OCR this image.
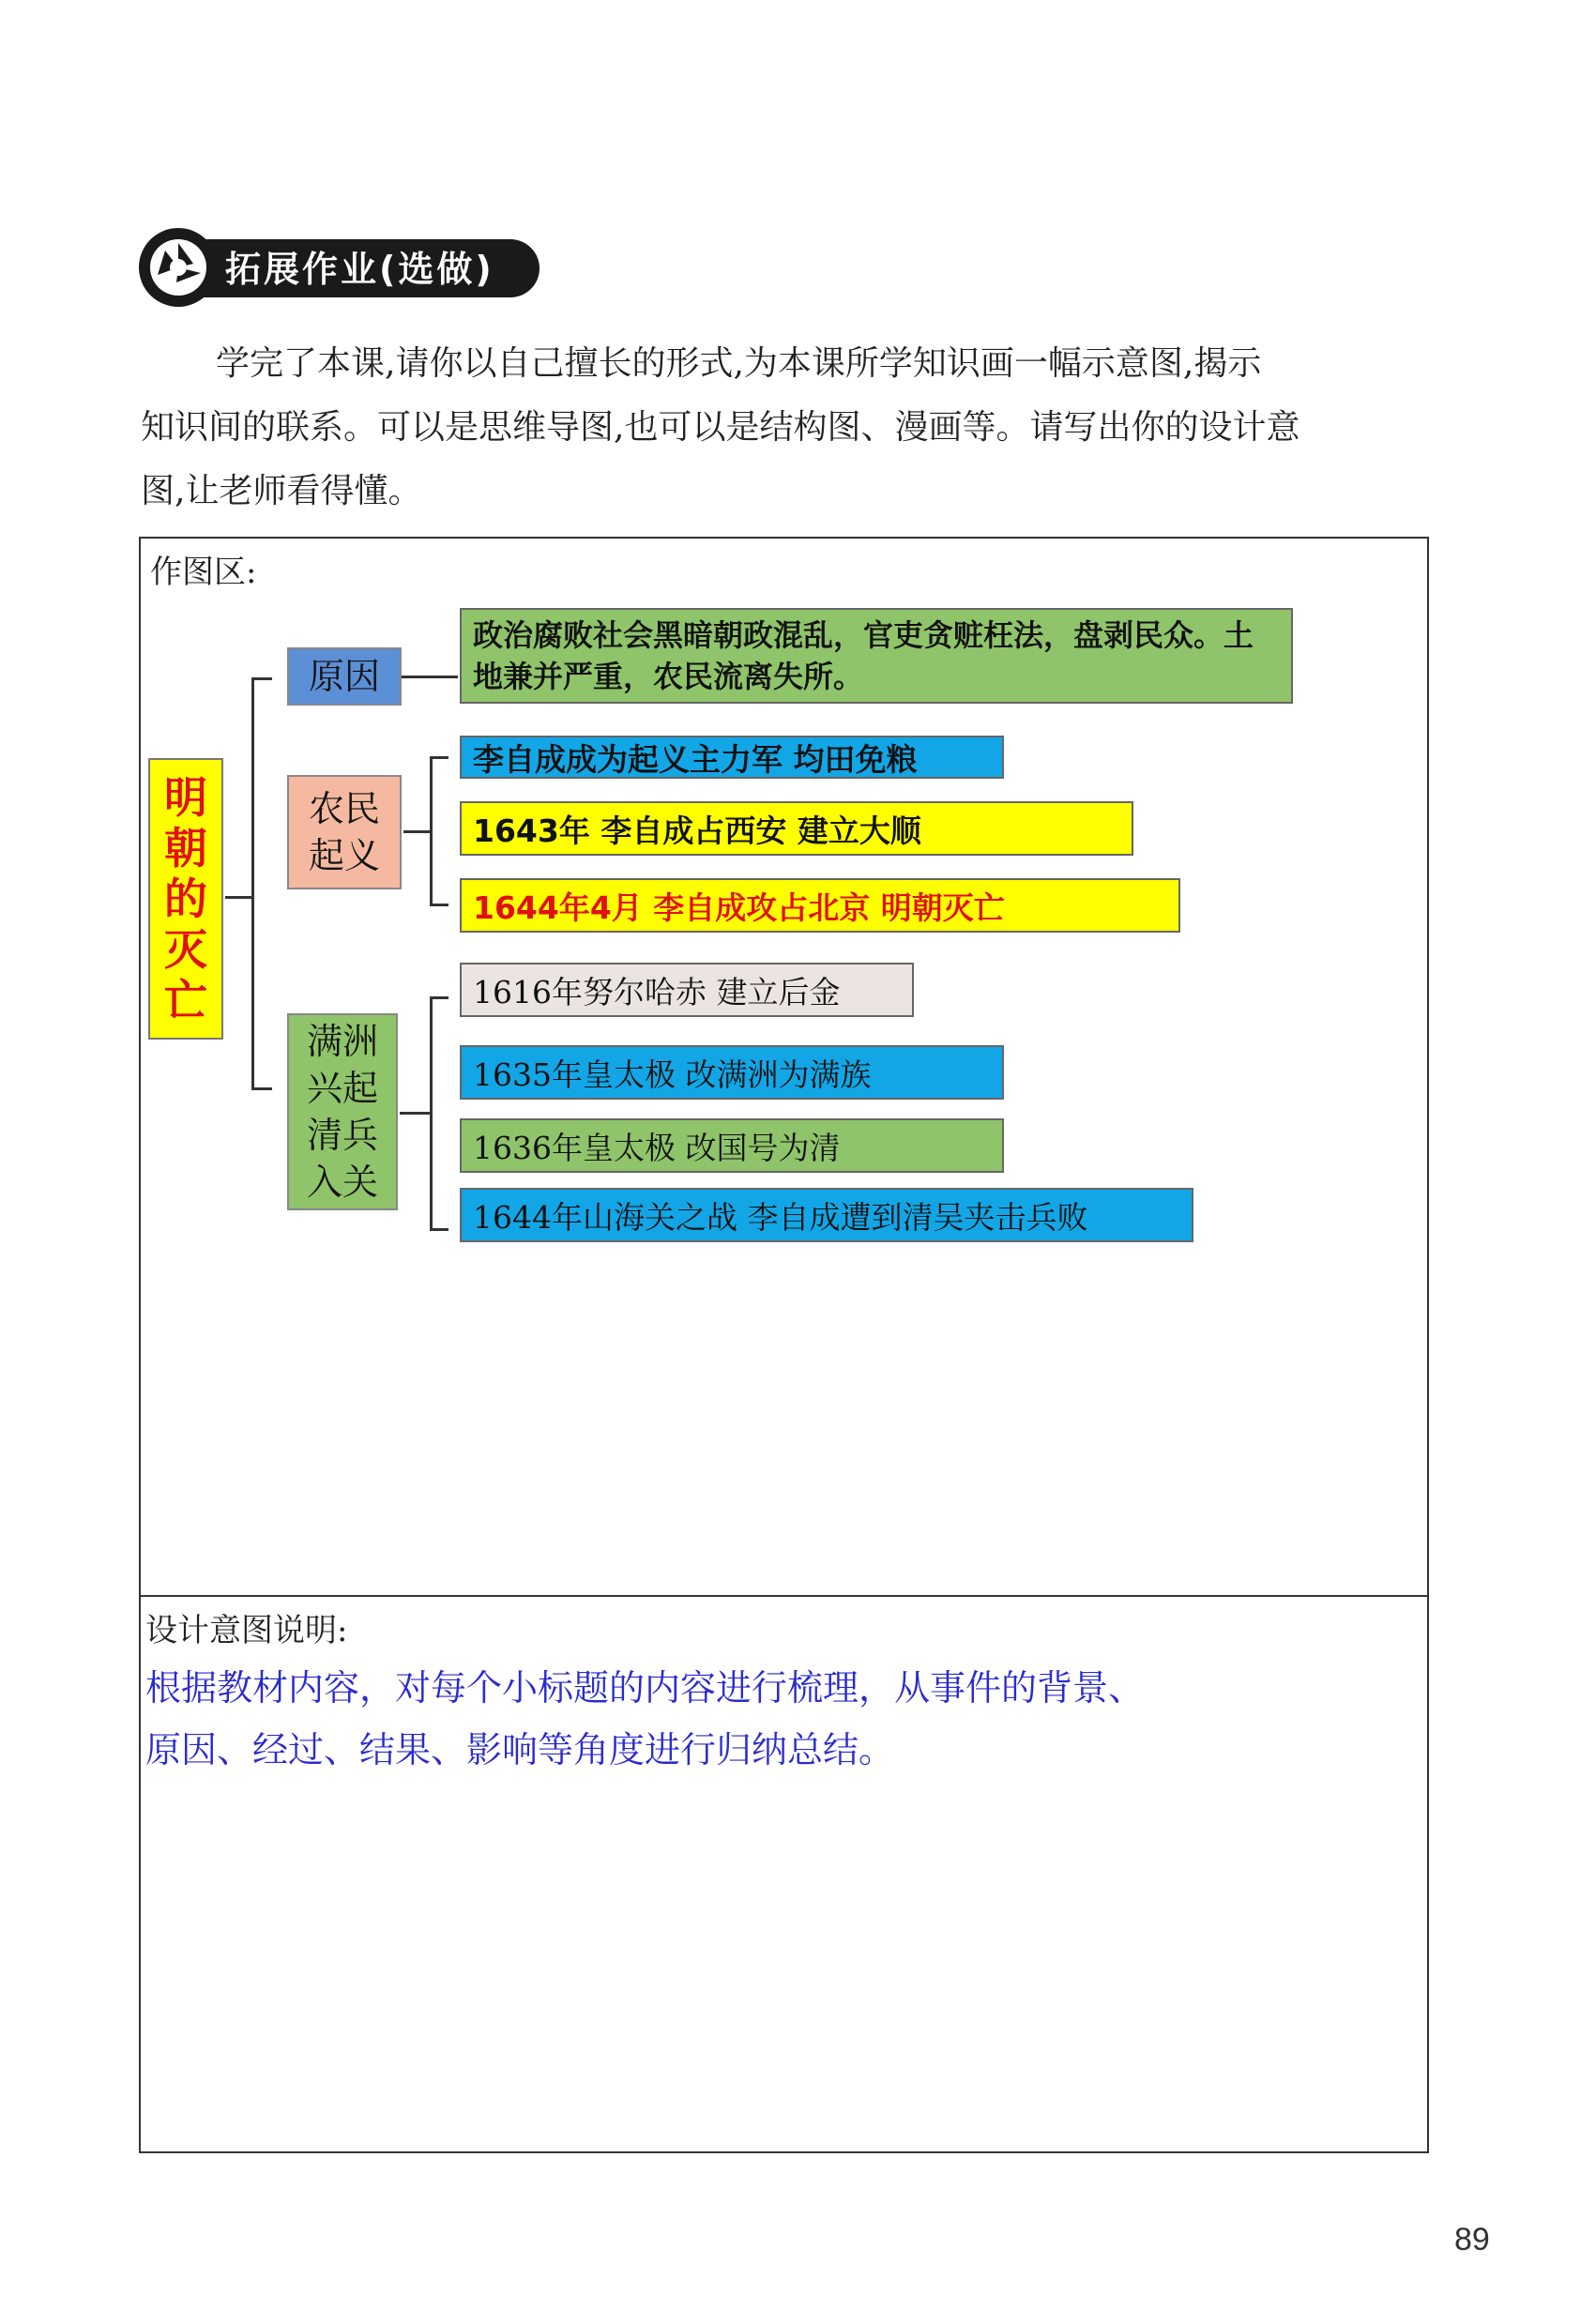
拓展作业(选做)
学完了本课,请你以自己擅长的形式,为本课所学知识画一幅示意图,揭示
知识间的联系。可以是思维导图,也可以是结构图、漫画等。请写出你的设计意
图,让老师看得懂。
作图区:
明朝的灭亡
原因
政治腐败社会黑暗朝政混乱，官吏贪赃枉法，盘剥民众。土地兼并严重，农民流离失所。
农民起义
李自成成为起义主力军 均田免粮
1643年 李自成占西安 建立大顺
1644年4月 李自成攻占北京 明朝灭亡
满洲兴起清兵入关
1616年努尔哈赤 建立后金
1635年皇太极 改满洲为满族
1636年皇太极 改国号为清
1644年山海关之战 李自成遭到清吴夹击兵败
设计意图说明:
根据教材内容，对每个小标题的内容进行梳理，从事件的背景、
原因、经过、结果、影响等角度进行归纳总结。
89
